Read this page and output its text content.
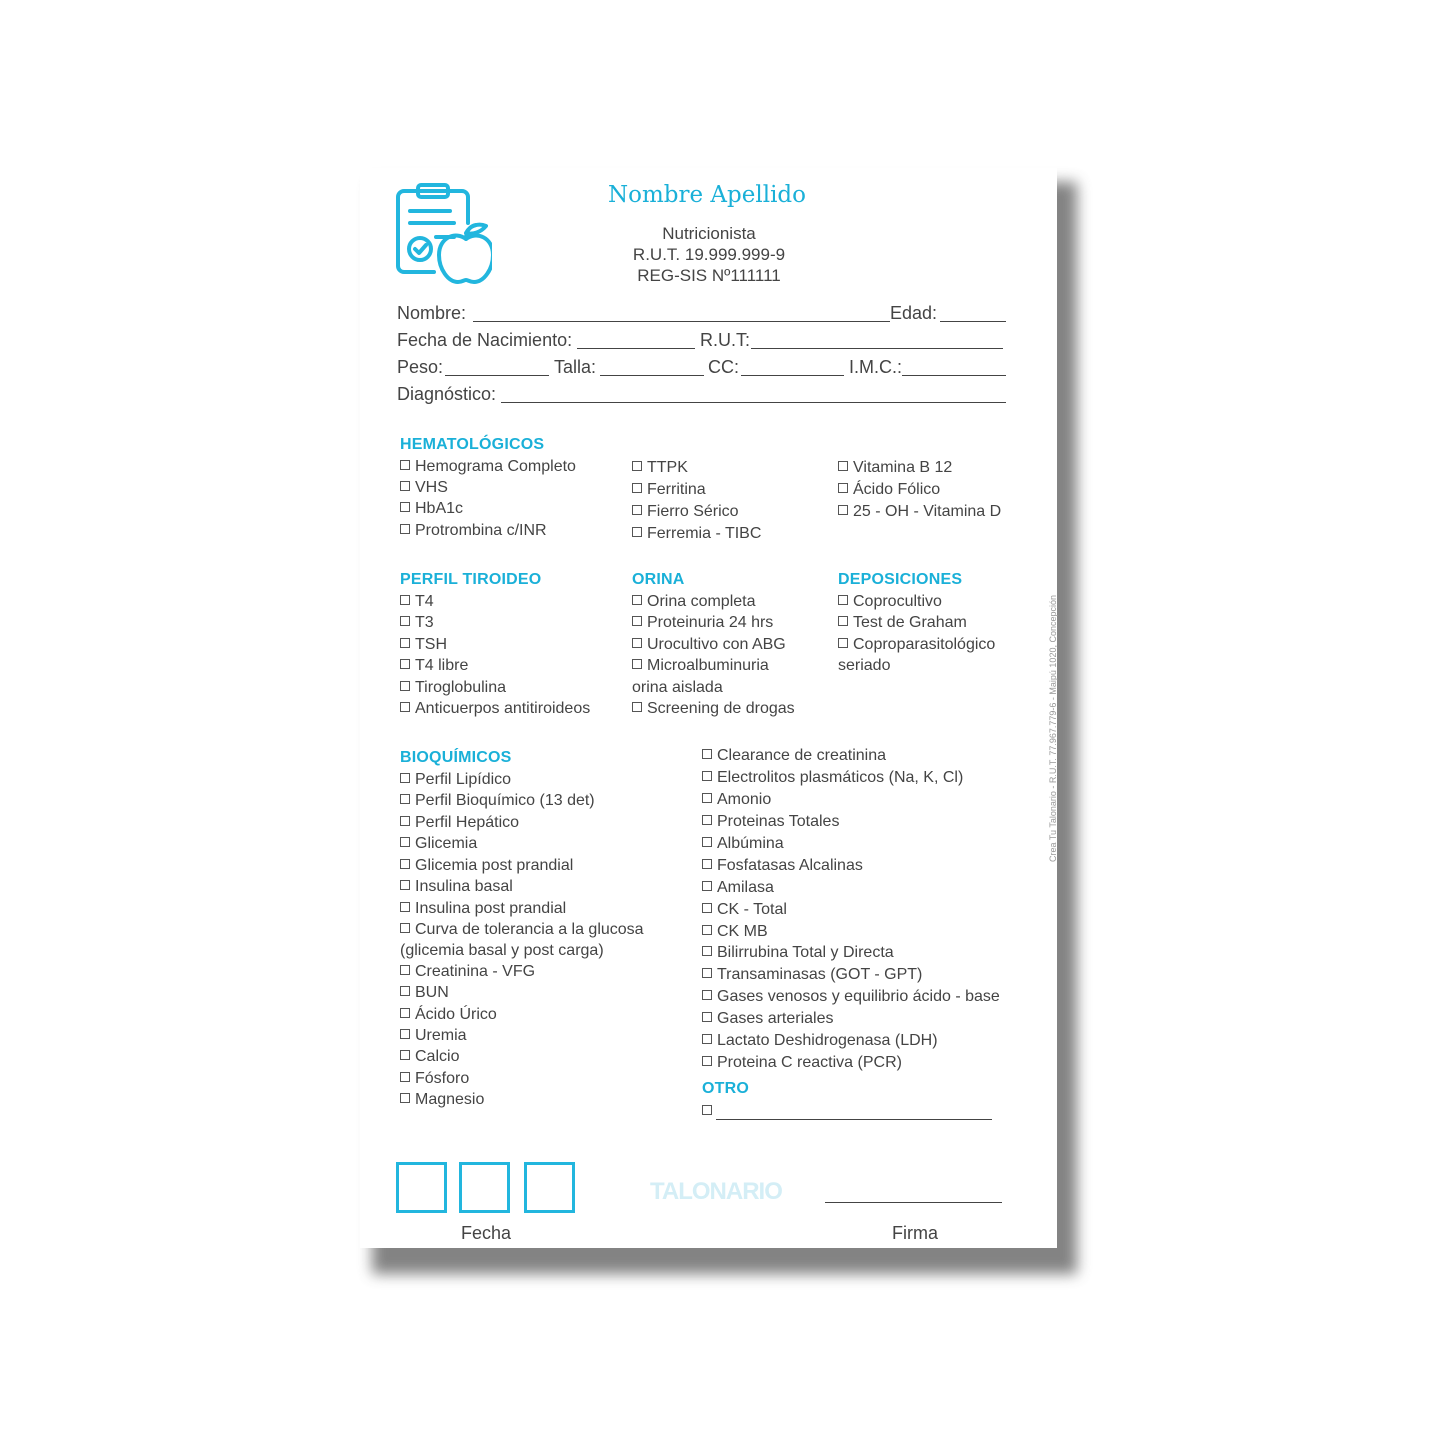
Nombre Apellido
Nutricionista
R.U.T. 19.999.999-9
REG-SIS Nº111111
Nombre:	Edad:
Fecha de Nacimiento:	R.U.T:
Peso:	Talla:	CC:	I.M.C.:
Diagnóstico:
HEMATOLÓGICOS
Hemograma Completo
VHS
HbA1c
Protrombina c/INR
TTPK
Ferritina
Fierro Sérico
Ferremia - TIBC
Vitamina B 12
Ácido Fólico
25 - OH - Vitamina D
PERFIL TIROIDEO
T4
T3
TSH
T4 libre
Tiroglobulina
Anticuerpos antitiroideos
ORINA
Orina completa
Proteinuria 24 hrs
Urocultivo con ABG
Microalbuminuria
orina aislada
Screening de drogas
DEPOSICIONES
Coprocultivo
Test de Graham
Coproparasitológico
seriado
BIOQUÍMICOS
Perfil Lipídico
Perfil Bioquímico (13 det)
Perfil Hepático
Glicemia
Glicemia post prandial
Insulina basal
Insulina post prandial
Curva de tolerancia a la glucosa
(glicemia basal y post carga)
Creatinina - VFG
BUN
Ácido Úrico
Uremia
Calcio
Fósforo
Magnesio
Clearance de creatinina
Electrolitos plasmáticos (Na, K, Cl)
Amonio
Proteinas Totales
Albúmina
Fosfatasas Alcalinas
Amilasa
CK - Total
CK MB
Bilirrubina Total y Directa
Transaminasas (GOT - GPT)
Gases venosos y equilibrio ácido - base
Gases arteriales
Lactato Deshidrogenasa (LDH)
Proteina C reactiva (PCR)
OTRO
Fecha
TALONARIO
Firma
Crea Tu Talonario - R.U.T. 77.967.779-6 - Maipú 1020, Concepción
